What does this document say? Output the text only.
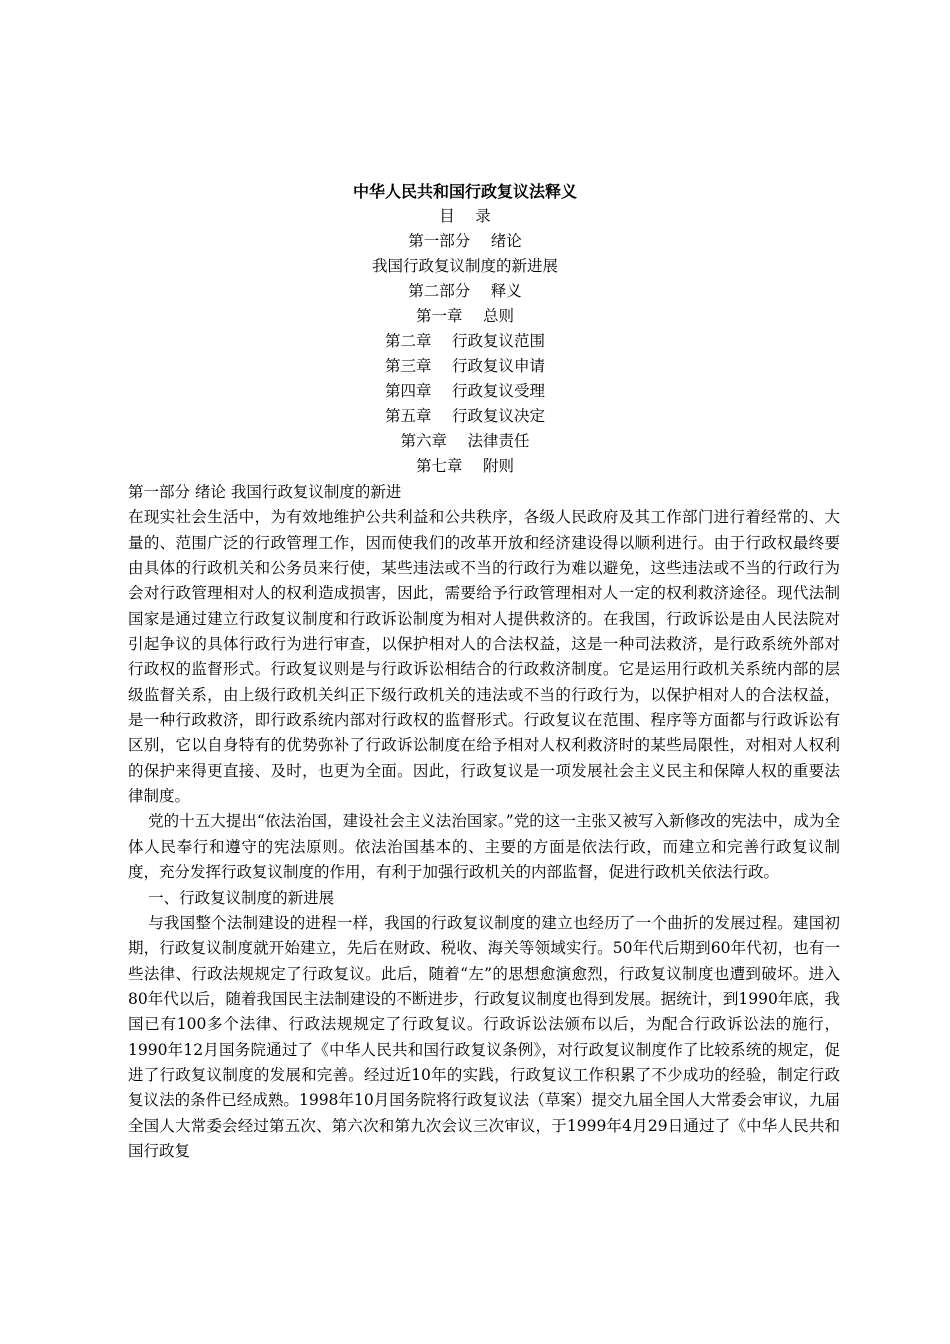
中华人民共和国行政复议法释义
目　 录
第一部分　 绪论
我国行政复议制度的新进展
第二部分　 释义
第一章　 总则
第二章　 行政复议范围
第三章　 行政复议申请
第四章　 行政复议受理
第五章　 行政复议决定
第六章　 法律责任
第七章　 附则

第一部分 绪论 我国行政复议制度的新进

在现实社会生活中，为有效地维护公共利益和公共秩序，各级人民政府及其工作部门进行着经常的、大量的、范围广泛的行政管理工作，因而使我们的改革开放和经济建设得以顺利进行。由于行政权最终要由具体的行政机关和公务员来行使，某些违法或不当的行政行为难以避免，这些违法或不当的行政行为会对行政管理相对人的权利造成损害，因此，需要给予行政管理相对人一定的权利救济途径。现代法制国家是通过建立行政复议制度和行政诉讼制度为相对人提供救济的。在我国，行政诉讼是由人民法院对引起争议的具体行政行为进行审查，以保护相对人的合法权益，这是一种司法救济，是行政系统外部对行政权的监督形式。行政复议则是与行政诉讼相结合的行政救济制度。它是运用行政机关系统内部的层级监督关系，由上级行政机关纠正下级行政机关的违法或不当的行政行为，以保护相对人的合法权益，是一种行政救济，即行政系统内部对行政权的监督形式。行政复议在范围、程序等方面都与行政诉讼有区别，它以自身特有的优势弥补了行政诉讼制度在给予相对人权利救济时的某些局限性，对相对人权利的保护来得更直接、及时，也更为全面。因此，行政复议是一项发展社会主义民主和保障人权的重要法律制度。

党的十五大提出“依法治国，建设社会主义法治国家。”党的这一主张又被写入新修改的宪法中，成为全体人民奉行和遵守的宪法原则。依法治国基本的、主要的方面是依法行政，而建立和完善行政复议制度，充分发挥行政复议制度的作用，有利于加强行政机关的内部监督，促进行政机关依法行政。

一、行政复议制度的新进展

与我国整个法制建设的进程一样，我国的行政复议制度的建立也经历了一个曲折的发展过程。建国初期，行政复议制度就开始建立，先后在财政、税收、海关等领域实行。50年代后期到60年代初，也有一些法律、行政法规规定了行政复议。此后，随着“左”的思想愈演愈烈，行政复议制度也遭到破坏。进入80年代以后，随着我国民主法制建设的不断进步，行政复议制度也得到发展。据统计，到1990年底，我国已有100多个法律、行政法规规定了行政复议。行政诉讼法颁布以后，为配合行政诉讼法的施行，1990年12月国务院通过了《中华人民共和国行政复议条例》，对行政复议制度作了比较系统的规定，促进了行政复议制度的发展和完善。经过近10年的实践，行政复议工作积累了不少成功的经验，制定行政复议法的条件已经成熟。1998年10月国务院将行政复议法（草案）提交九届全国人大常委会审议，九届全国人大常委会经过第五次、第六次和第九次会议三次审议，于1999年4月29日通过了《中华人民共和国行政复
